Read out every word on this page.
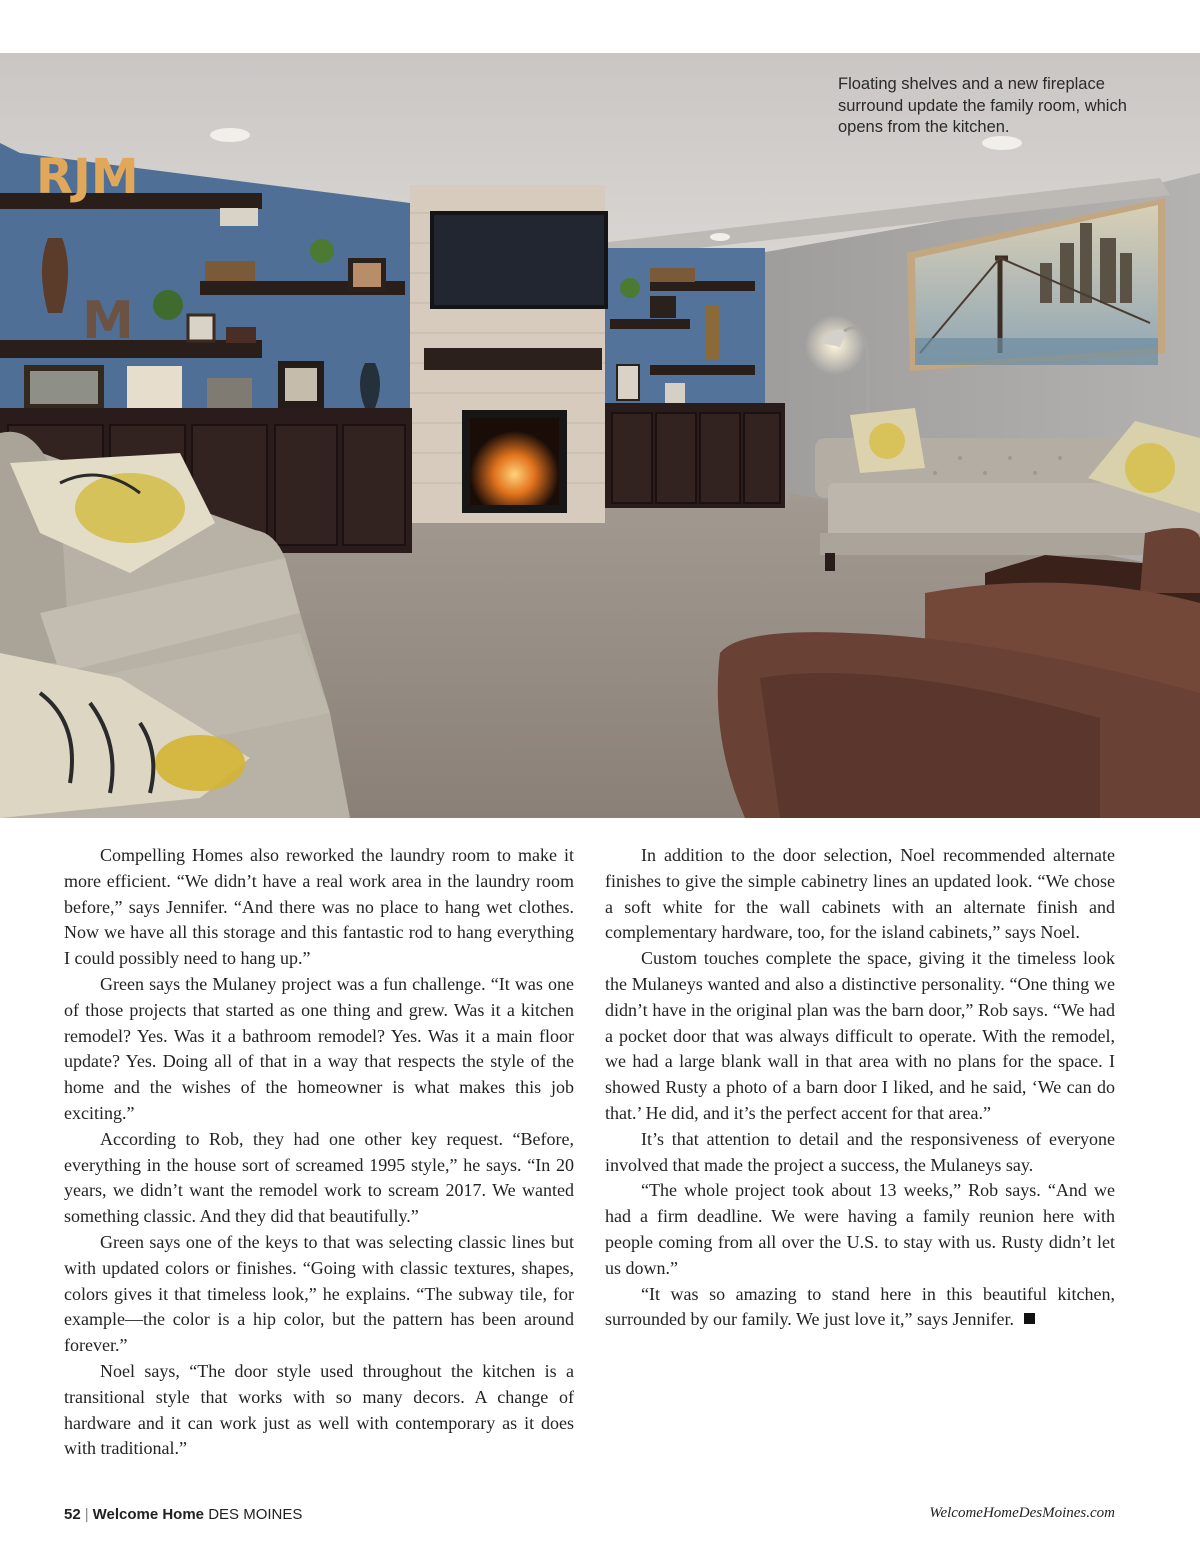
RJM
M
Floating shelves and a new fireplace surround update the family room, which opens from the kitchen.

Compelling Homes also reworked the laundry room to make it more efficient. “We didn’t have a real work area in the laundry room before,” says Jennifer. “And there was no place to hang wet clothes. Now we have all this storage and this fantastic rod to hang everything I could possibly need to hang up.”

Green says the Mulaney project was a fun challenge. “It was one of those projects that started as one thing and grew. Was it a kitchen remodel? Yes. Was it a bathroom remodel? Yes. Was it a main floor update? Yes. Doing all of that in a way that respects the style of the home and the wishes of the homeowner is what makes this job exciting.”

According to Rob, they had one other key request. “Before, everything in the house sort of screamed 1995 style,” he says. “In 20 years, we didn’t want the remodel work to scream 2017. We wanted something classic. And they did that beautifully.”

Green says one of the keys to that was selecting classic lines but with updated colors or finishes. “Going with classic textures, shapes, colors gives it that timeless look,” he explains. “The subway tile, for example—the color is a hip color, but the pattern has been around forever.”

Noel says, “The door style used throughout the kitchen is a transitional style that works with so many decors. A change of hardware and it can work just as well with contemporary as it does with traditional.”

In addition to the door selection, Noel recommended alternate finishes to give the simple cabinetry lines an updated look. “We chose a soft white for the wall cabinets with an alternate finish and complementary hardware, too, for the island cabinets,” says Noel.

Custom touches complete the space, giving it the timeless look the Mulaneys wanted and also a distinctive personality. “One thing we didn’t have in the original plan was the barn door,” Rob says. “We had a pocket door that was always difficult to operate. With the remodel, we had a large blank wall in that area with no plans for the space. I showed Rusty a photo of a barn door I liked, and he said, ‘We can do that.’ He did, and it’s the perfect accent for that area.”

It’s that attention to detail and the responsiveness of everyone involved that made the project a success, the Mulaneys say.

“The whole project took about 13 weeks,” Rob says. “And we had a firm deadline. We were having a family reunion here with people coming from all over the U.S. to stay with us. Rusty didn’t let us down.”

“It was so amazing to stand here in this beautiful kitchen, surrounded by our family. We just love it,” says Jennifer.

52 | Welcome Home DES MOINES	WelcomeHomeDesMoines.com
